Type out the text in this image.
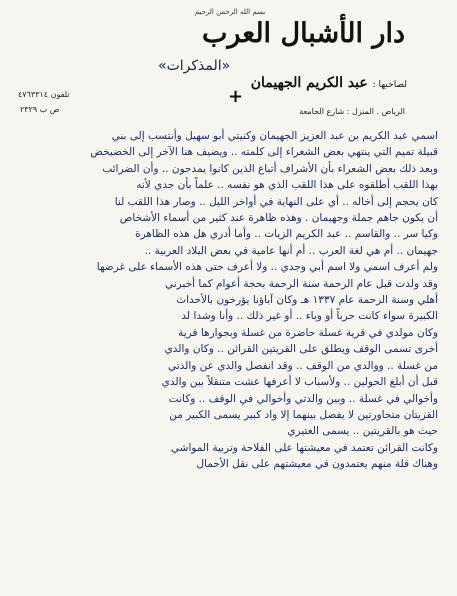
بسم الله الرحمن الرحيم
دار الأشبال العرب
«المذكرات»
لصاحبها : عبد الكريم الجهيمان
الرياض . المنزل : شارع الجامعة
تلفون ٤٧٦٣٣١٤
ص ب ٢٣٢٩
+

اسمي عبد الكريم بن عبد العزيز الجهيمان وكنيتي أبو سهيل وأنتسب إلى بني

قبيلة تميم التي ينتهي بعض الشعراء إلى كلمته .. ويضيف هنا الآخر إلى الخضيخض

وبعد ذلك بعض الشعراء بأن الأشراف أتباع الذين كانوا يمدحون .. وأن الضرائب

بهذا اللقب أطلقوه على هذا اللقب الذي هو نفسه .. علماً بأن جدي لأنه

كان يحجم إلى أخاله .. أي على النهاية في أواخر الليل .. وصار هذا اللقب لنا

أن يكون جاهم جملة وجهيمان . وهذه ظاهرة عند كثير من أسماء الأشخاص

وكيا سر .. والقاسم .. عبد الكريم الزيات .. وأما أدري هل هذه الظاهرة

جهيمان .. أم هي لغة العرب .. أم أنها عامية في بعض البلاد العربية ..

ولم أعرف اسمي ولا اسم أبي وجدي .. ولا أعرف حتى هذه الأسماء على غرضها

وقد ولدت قبل عام الرحمة سنة الرحمة بحجة أعوام كما أخبرني

أهلي وسنة الرحمة عام ١٣٣٧ هـ وكان آباؤنا يؤرخون بالأحداث

الكبيرة سواء كانت حرباً أو وباء .. أو غير ذلك .. وأنا وشدا لد

وكان مولدي في قرية غسلة حاضرة من غسلة وبجوارها قرية

أخرى تسمى الوقف ويطلق على القريتين القرائن .. وكان والدي

من غسلة .. ووالدي من الوقف .. وقد انفصل والدي عن والدتي

قبل أن أبلغ الحولين .. ولأسباب لا أعرفها عشت متنقلاً بين والدي

وأخوالي في غسلة .. وبين والدتي وأخوالي في الوقف .. وكانت

القريتان متجاورتين لا يفصل بينهما إلا واد كبير يسمى الكبير من

حيث هو بالقريتين .. يسمى العتيري

وكانت القرائن تعتمد في معيشتها على الفلاحة وتربية المواشي

وهناك قلة منهم يعتمدون في معيشتهم على نقل الأحمال
